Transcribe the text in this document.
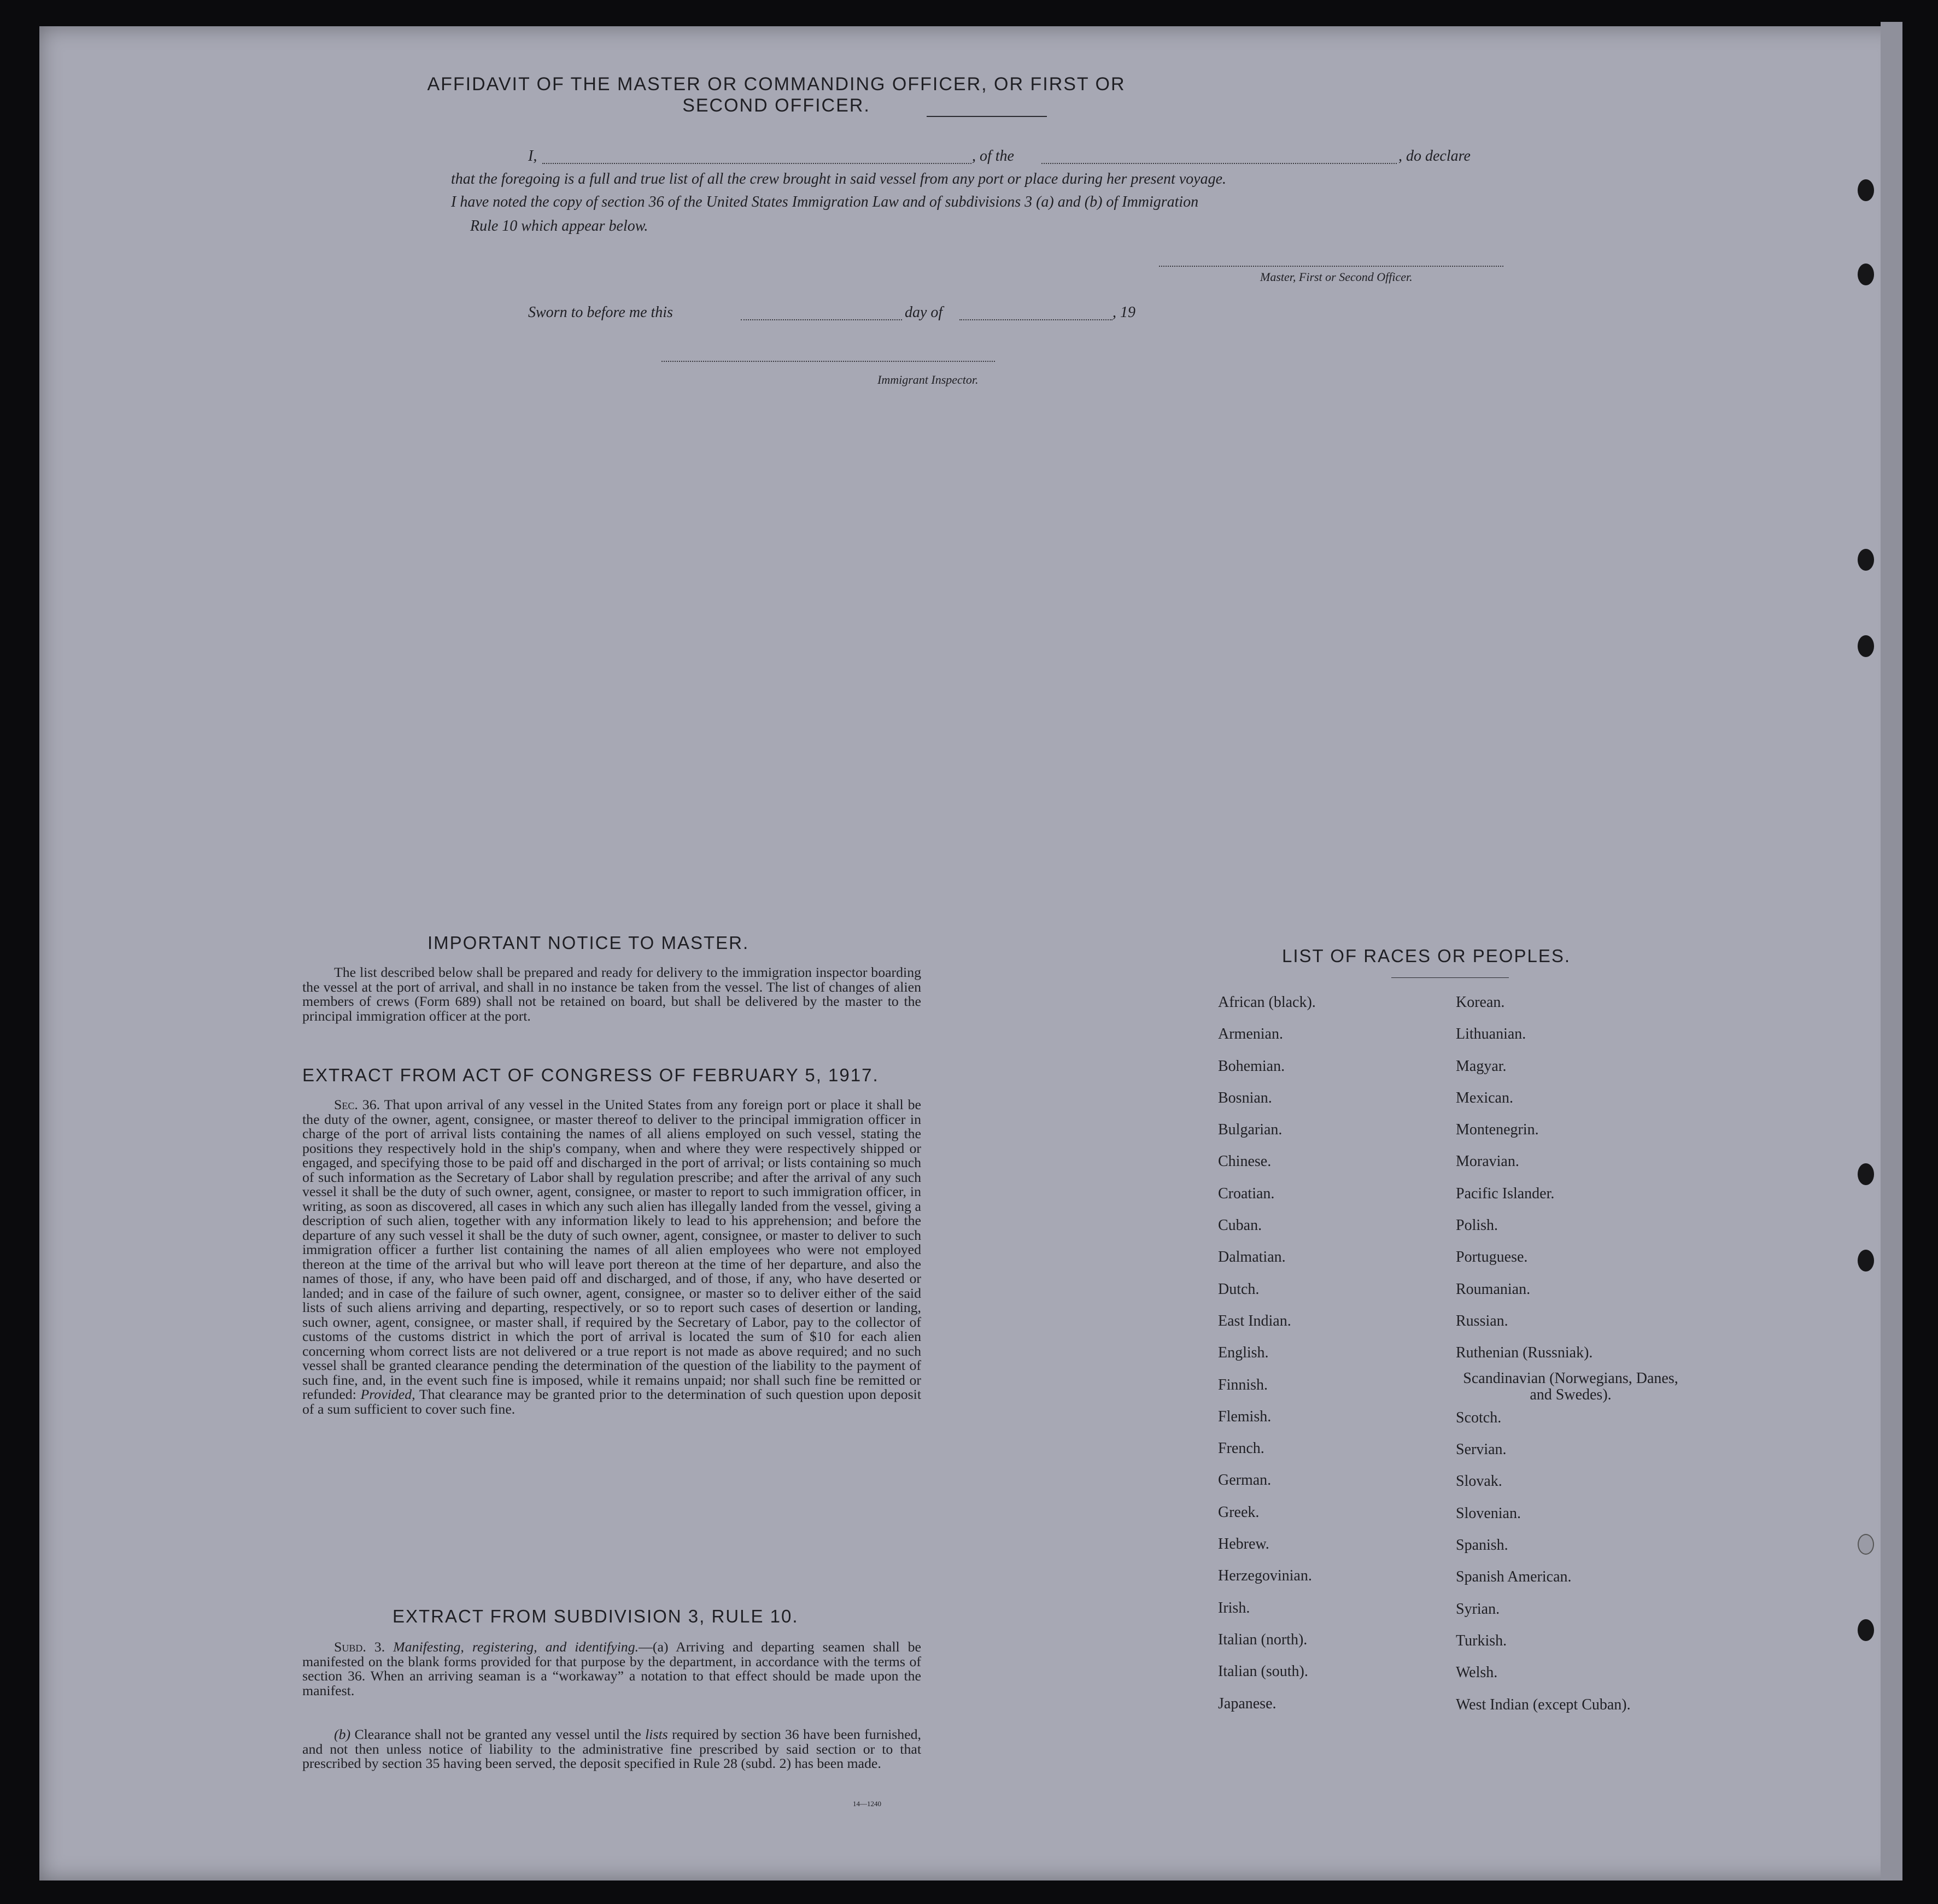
AFFIDAVIT OF THE MASTER OR COMMANDING OFFICER, OR FIRST OR SECOND OFFICER.
I,	, of the	, do declare
that the foregoing is a full and true list of all the crew brought in said vessel from any port or place during her present voyage.
I have noted the copy of section 36 of the United States Immigration Law and of subdivisions 3 (a) and (b) of Immigration
Rule 10 which appear below.
Master, First or Second Officer.
Sworn to before me this	day of	, 19
Immigrant Inspector.
IMPORTANT NOTICE TO MASTER.
The list described below shall be prepared and ready for delivery to the immigration inspector boarding the vessel at the port of arrival, and shall in no instance be taken from the vessel. The list of changes of alien members of crews (Form 689) shall not be retained on board, but shall be delivered by the master to the principal immigration officer at the port.
EXTRACT FROM ACT OF CONGRESS OF FEBRUARY 5, 1917.
Sec. 36. That upon arrival of any vessel in the United States from any foreign port or place it shall be the duty of the owner, agent, consignee, or master thereof to deliver to the principal immigration officer in charge of the port of arrival lists containing the names of all aliens employed on such vessel, stating the positions they respectively hold in the ship's company, when and where they were respectively shipped or engaged, and specifying those to be paid off and discharged in the port of arrival; or lists containing so much of such information as the Secretary of Labor shall by regulation prescribe; and after the arrival of any such vessel it shall be the duty of such owner, agent, consignee, or master to report to such immigration officer, in writing, as soon as discovered, all cases in which any such alien has illegally landed from the vessel, giving a description of such alien, together with any information likely to lead to his apprehension; and before the departure of any such vessel it shall be the duty of such owner, agent, consignee, or master to deliver to such immigration officer a further list containing the names of all alien employees who were not employed thereon at the time of the arrival but who will leave port thereon at the time of her departure, and also the names of those, if any, who have been paid off and discharged, and of those, if any, who have deserted or landed; and in case of the failure of such owner, agent, consignee, or master so to deliver either of the said lists of such aliens arriving and departing, respectively, or so to report such cases of desertion or landing, such owner, agent, consignee, or master shall, if required by the Secretary of Labor, pay to the collector of customs of the customs district in which the port of arrival is located the sum of $10 for each alien concerning whom correct lists are not delivered or a true report is not made as above required; and no such vessel shall be granted clearance pending the determination of the question of the liability to the payment of such fine, and, in the event such fine is imposed, while it remains unpaid; nor shall such fine be remitted or refunded: Provided, That clearance may be granted prior to the determination of such question upon deposit of a sum sufficient to cover such fine.
EXTRACT FROM SUBDIVISION 3, RULE 10.
Subd. 3. Manifesting, registering, and identifying.—(a) Arriving and departing seamen shall be manifested on the blank forms provided for that purpose by the department, in accordance with the terms of section 36. When an arriving seaman is a “workaway” a notation to that effect should be made upon the manifest.
(b) Clearance shall not be granted any vessel until the lists required by section 36 have been furnished, and not then unless notice of liability to the administrative fine prescribed by said section or to that prescribed by section 35 having been served, the deposit specified in Rule 28 (subd. 2) has been made.
14—1240
LIST OF RACES OR PEOPLES.
African (black).
Armenian.
Bohemian.
Bosnian.
Bulgarian.
Chinese.
Croatian.
Cuban.
Dalmatian.
Dutch.
East Indian.
English.
Finnish.
Flemish.
French.
German.
Greek.
Hebrew.
Herzegovinian.
Irish.
Italian (north).
Italian (south).
Japanese.
Korean.
Lithuanian.
Magyar.
Mexican.
Montenegrin.
Moravian.
Pacific Islander.
Polish.
Portuguese.
Roumanian.
Russian.
Ruthenian (Russniak).
Scandinavian (Norwegians, Danes, and Swedes).
Scotch.
Servian.
Slovak.
Slovenian.
Spanish.
Spanish American.
Syrian.
Turkish.
Welsh.
West Indian (except Cuban).
